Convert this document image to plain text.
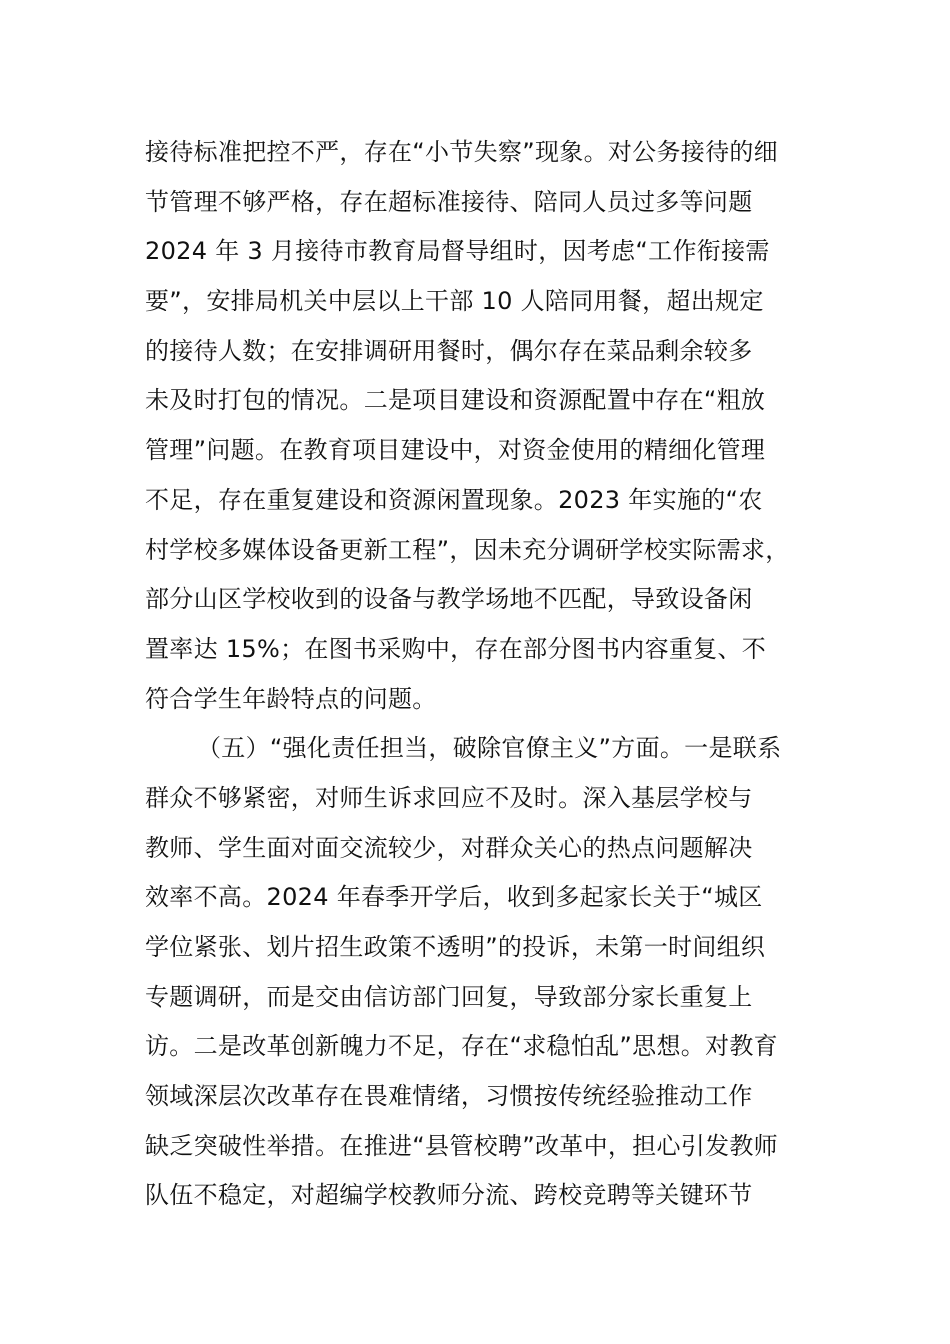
接待标准把控不严，存在“小节失察”现象。对公务接待的细
节管理不够严格，存在超标准接待、陪同人员过多等问题
2024 年 3 月接待市教育局督导组时，因考虑“工作衔接需
要”，安排局机关中层以上干部 10 人陪同用餐，超出规定
的接待人数；在安排调研用餐时，偶尔存在菜品剩余较多
未及时打包的情况。二是项目建设和资源配置中存在“粗放
管理”问题。在教育项目建设中，对资金使用的精细化管理
不足，存在重复建设和资源闲置现象。2023 年实施的“农
村学校多媒体设备更新工程”，因未充分调研学校实际需求，
部分山区学校收到的设备与教学场地不匹配，导致设备闲
置率达 15%；在图书采购中，存在部分图书内容重复、不
符合学生年龄特点的问题。
（五）“强化责任担当，破除官僚主义”方面。一是联系
群众不够紧密，对师生诉求回应不及时。深入基层学校与
教师、学生面对面交流较少，对群众关心的热点问题解决
效率不高。2024 年春季开学后，收到多起家长关于“城区
学位紧张、划片招生政策不透明”的投诉，未第一时间组织
专题调研，而是交由信访部门回复，导致部分家长重复上
访。二是改革创新魄力不足，存在“求稳怕乱”思想。对教育
领域深层次改革存在畏难情绪，习惯按传统经验推动工作
缺乏突破性举措。在推进“县管校聘”改革中，担心引发教师
队伍不稳定，对超编学校教师分流、跨校竞聘等关键环节
